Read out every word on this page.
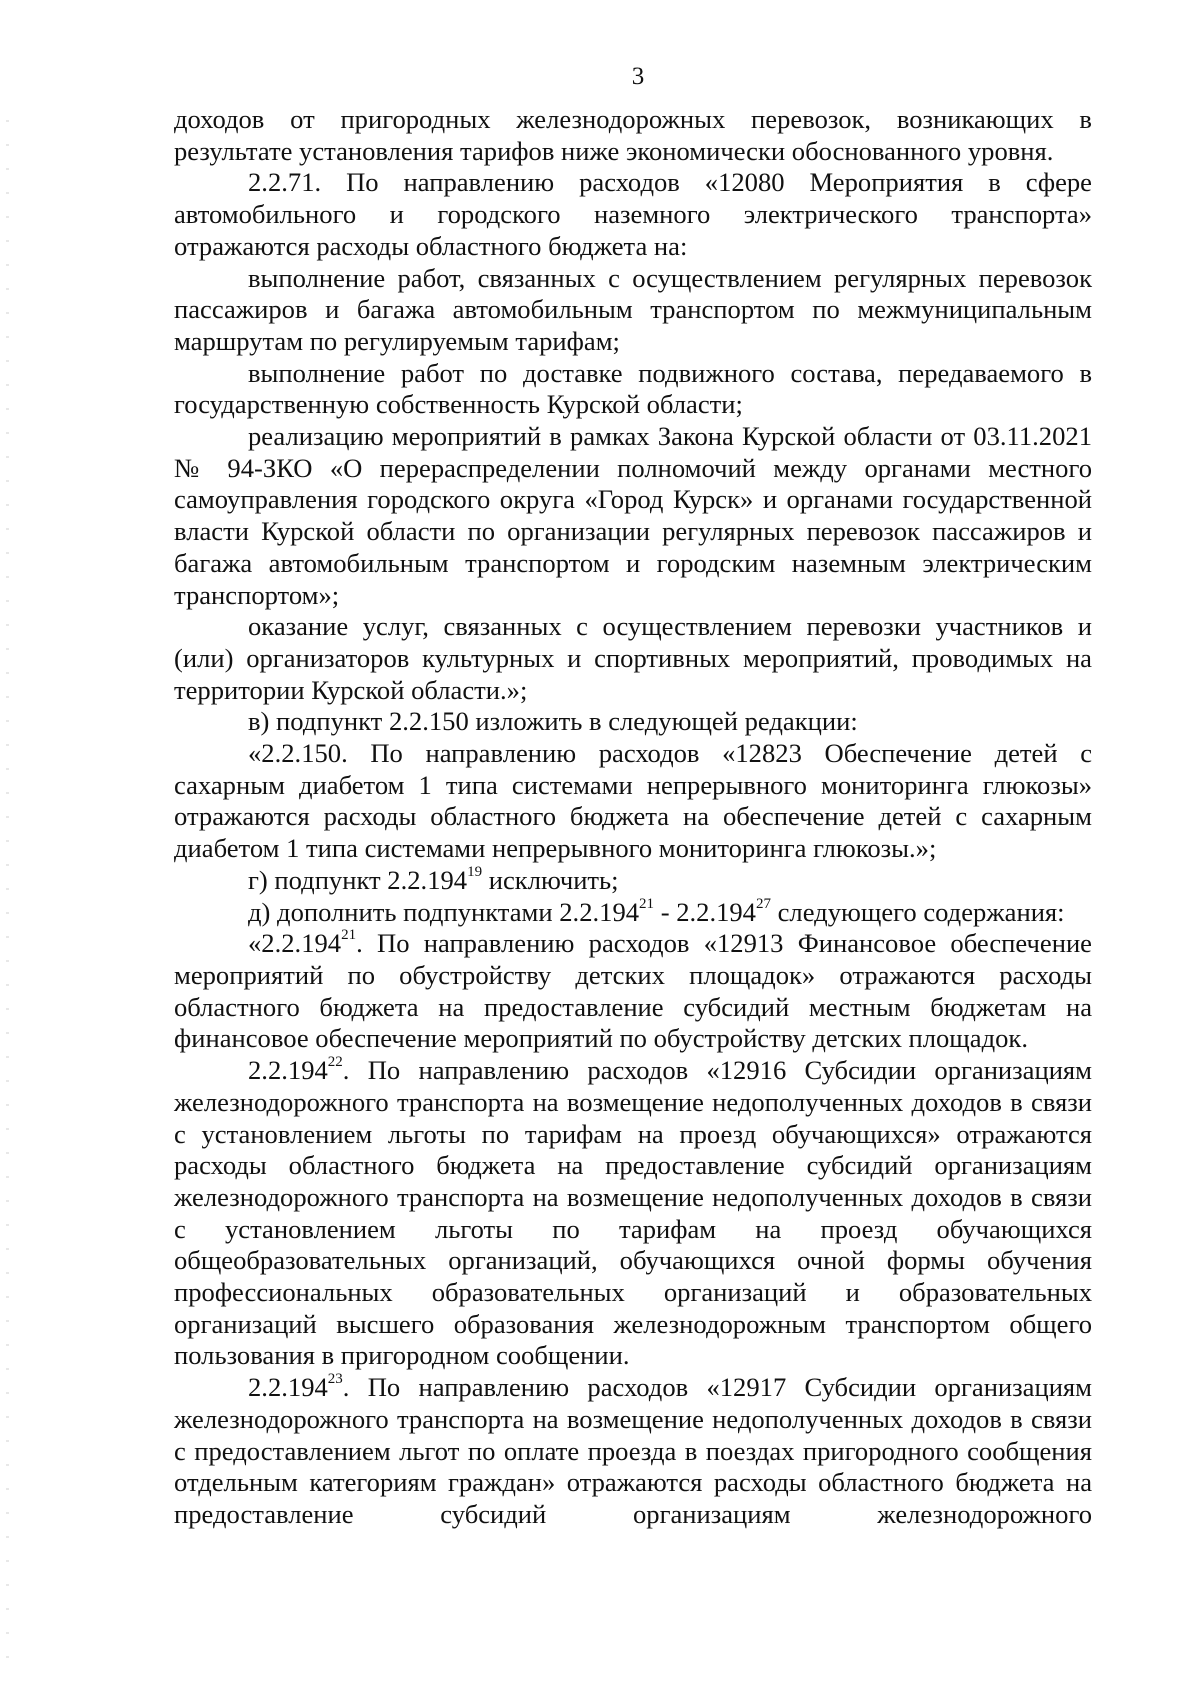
3

доходов от пригородных железнодорожных перевозок, возникающих в результате установления тарифов ниже экономически обоснованного уровня.

2.2.71. По направлению расходов «12080 Мероприятия в сфере автомобильного и городского наземного электрического транспорта» отражаются расходы областного бюджета на:

выполнение работ, связанных с осуществлением регулярных перевозок пассажиров и багажа автомобильным транспортом по межмуниципальным маршрутам по регулируемым тарифам;

выполнение работ по доставке подвижного состава, передаваемого в государственную собственность Курской области;

реализацию мероприятий в рамках Закона Курской области от 03.11.2021 № 94-ЗКО «О перераспределении полномочий между органами местного самоуправления городского округа «Город Курск» и органами государственной власти Курской области по организации регулярных перевозок пассажиров и багажа автомобильным транспортом и городским наземным электрическим транспортом»;

оказание услуг, связанных с осуществлением перевозки участников и (или) организаторов культурных и спортивных мероприятий, проводимых на территории Курской области.»;

в) подпункт 2.2.150 изложить в следующей редакции:

«2.2.150. По направлению расходов «12823 Обеспечение детей с сахарным диабетом 1 типа системами непрерывного мониторинга глюкозы» отражаются расходы областного бюджета на обеспечение детей с сахарным диабетом 1 типа системами непрерывного мониторинга глюкозы.»;

г) подпункт 2.2.194$^{19}$ исключить;

д) дополнить подпунктами 2.2.194$^{21}$ - 2.2.194$^{27}$ следующего содержания:

«2.2.194$^{21}$. По направлению расходов «12913 Финансовое обеспечение мероприятий по обустройству детских площадок» отражаются расходы областного бюджета на предоставление субсидий местным бюджетам на финансовое обеспечение мероприятий по обустройству детских площадок.

2.2.194$^{22}$. По направлению расходов «12916 Субсидии организациям железнодорожного транспорта на возмещение недополученных доходов в связи с установлением льготы по тарифам на проезд обучающихся» отражаются расходы областного бюджета на предоставление субсидий организациям железнодорожного транспорта на возмещение недополученных доходов в связи с установлением льготы по тарифам на проезд обучающихся общеобразовательных организаций, обучающихся очной формы обучения профессиональных образовательных организаций и образовательных организаций высшего образования железнодорожным транспортом общего пользования в пригородном сообщении.

2.2.194$^{23}$. По направлению расходов «12917 Субсидии организациям железнодорожного транспорта на возмещение недополученных доходов в связи с предоставлением льгот по оплате проезда в поездах пригородного сообщения отдельным категориям граждан» отражаются расходы областного бюджета на предоставление субсидий организациям железнодорожного
